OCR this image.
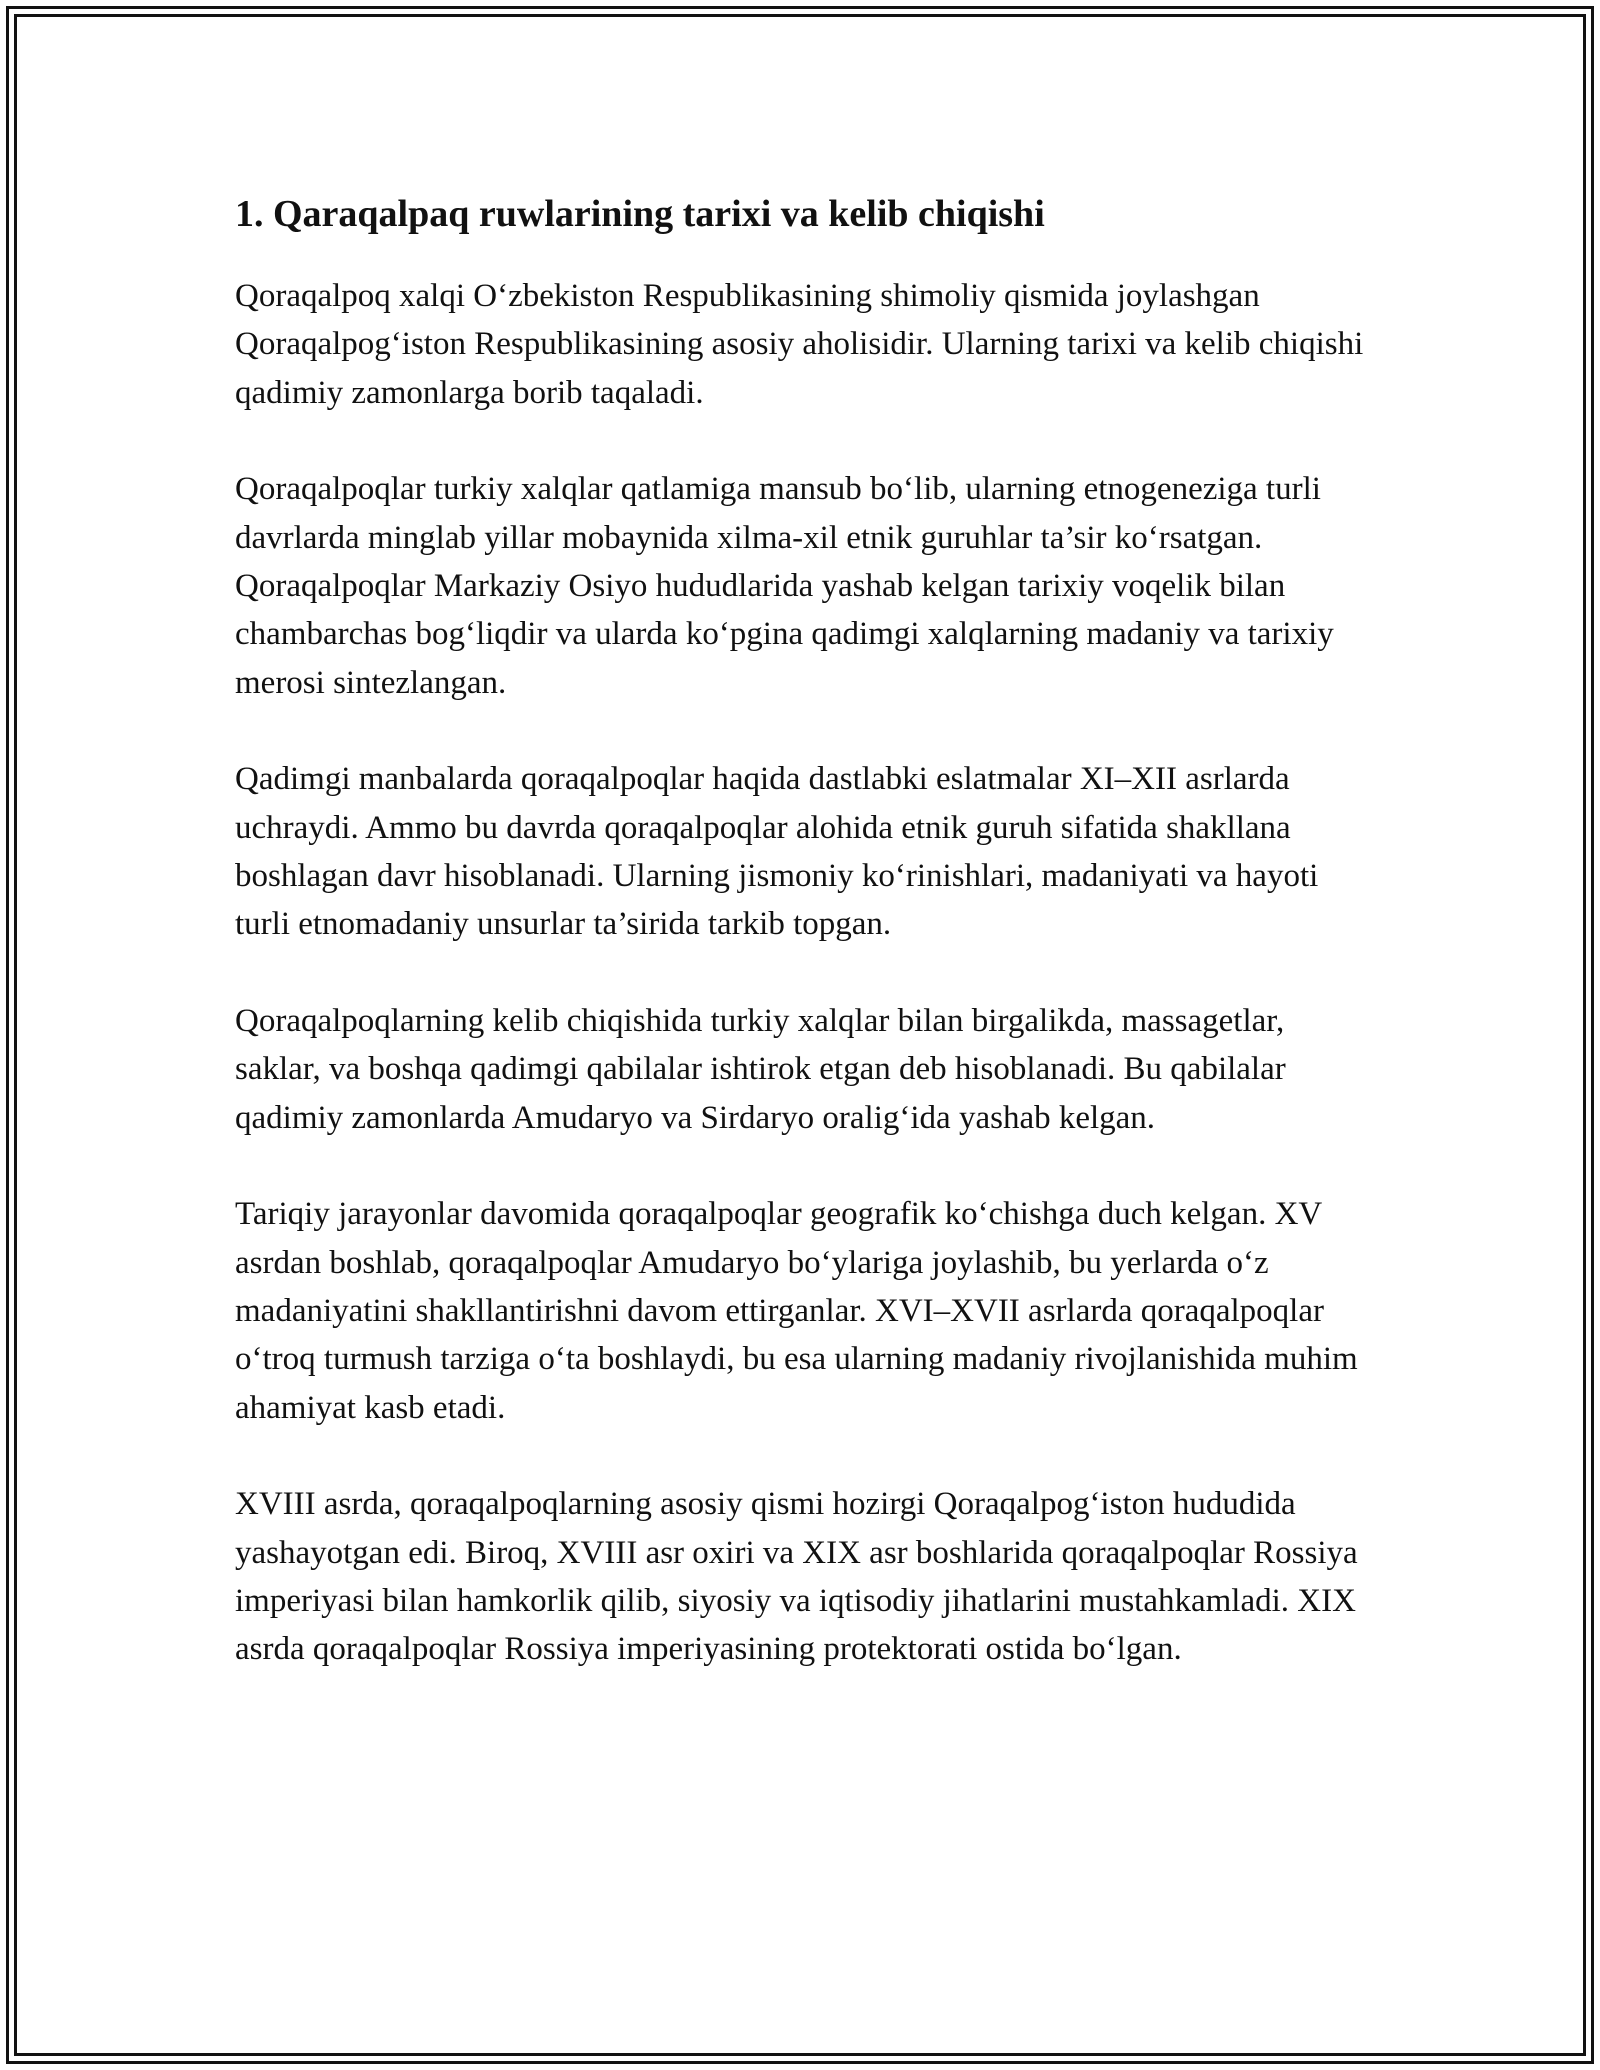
1. Qaraqalpaq ruwlarining tarixi va kelib chiqishi

Qoraqalpoq xalqi O‘zbekiston Respublikasining shimoliy qismida joylashgan Qoraqalpog‘iston Respublikasining asosiy aholisidir. Ularning tarixi va kelib chiqishi qadimiy zamonlarga borib taqaladi.

Qoraqalpoqlar turkiy xalqlar qatlamiga mansub bo‘lib, ularning etnogeneziga turli davrlarda minglab yillar mobaynida xilma-xil etnik guruhlar ta’sir ko‘rsatgan. Qoraqalpoqlar Markaziy Osiyo hududlarida yashab kelgan tarixiy voqelik bilan chambarchas bog‘liqdir va ularda ko‘pgina qadimgi xalqlarning madaniy va tarixiy merosi sintezlangan.

Qadimgi manbalarda qoraqalpoqlar haqida dastlabki eslatmalar XI–XII asrlarda uchraydi. Ammo bu davrda qoraqalpoqlar alohida etnik guruh sifatida shakllana boshlagan davr hisoblanadi. Ularning jismoniy ko‘rinishlari, madaniyati va hayoti turli etnomadaniy unsurlar ta’sirida tarkib topgan.

Qoraqalpoqlarning kelib chiqishida turkiy xalqlar bilan birgalikda, massagetlar, saklar, va boshqa qadimgi qabilalar ishtirok etgan deb hisoblanadi. Bu qabilalar qadimiy zamonlarda Amudaryo va Sirdaryo oralig‘ida yashab kelgan.

Tariqiy jarayonlar davomida qoraqalpoqlar geografik ko‘chishga duch kelgan. XV asrdan boshlab, qoraqalpoqlar Amudaryo bo‘ylariga joylashib, bu yerlarda o‘z madaniyatini shakllantirishni davom ettirganlar. XVI–XVII asrlarda qoraqalpoqlar o‘troq turmush tarziga o‘ta boshlaydi, bu esa ularning madaniy rivojlanishida muhim ahamiyat kasb etadi.

XVIII asrda, qoraqalpoqlarning asosiy qismi hozirgi Qoraqalpog‘iston hududida yashayotgan edi. Biroq, XVIII asr oxiri va XIX asr boshlarida qoraqalpoqlar Rossiya imperiyasi bilan hamkorlik qilib, siyosiy va iqtisodiy jihatlarini mustahkamladi. XIX asrda qoraqalpoqlar Rossiya imperiyasining protektorati ostida bo‘lgan.
